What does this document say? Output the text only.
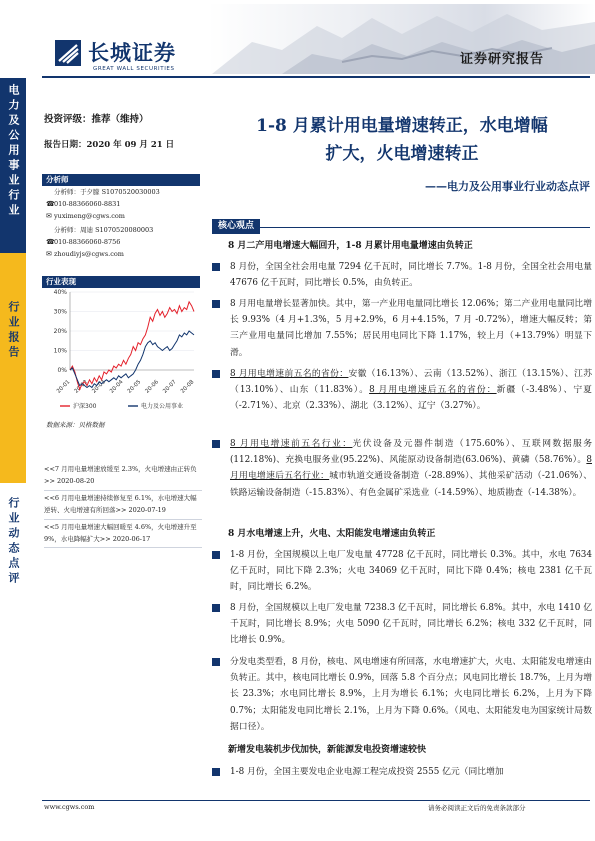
长城证券
GREAT WALL SECURITIES
证券研究报告
电力及公用事业行业
行业报告
行业动态点评
投资评级：推荐（维持）
报告日期：2020 年 09 月 21 日
分析师
分析师：于夕朦 S1070520030003
☎010-88366060-8831
✉ yuximeng@cgws.com
分析师：周迪 S1070520080003
☎010-88366060-8756
✉ zhoudiyjs@cgws.com
行业表现
0%
10%
20%
30%
40%
20-01 20-02 20-03 20-04 20-05 20-06 20-07 20-08
沪深300	电力及公用事业
数据来源：贝格数据
<<7 月用电量增速放缓至 2.3%，火电增速由正转负>> 2020-08-20
<<6 月用电量增速持续修复至 6.1%，水电增速大幅逆转、火电增速有所回落>> 2020-07-19
<<5 月用电量增速大幅回暖至 4.6%，火电增速升至 9%，水电降幅扩大>> 2020-06-17
1-8 月累计用电量增速转正，水电增幅
扩大，火电增速转正
——电力及公用事业行业动态点评
核心观点
8 月二产用电增速大幅回升，1-8 月累计用电量增速由负转正
8 月份，全国全社会用电量 7294 亿千瓦时，同比增长 7.7%。1-8 月份，全国全社会用电量 47676 亿千瓦时，同比增长 0.5%，由负转正。
8 月用电量增长显著加快。其中，第一产业用电量同比增长 12.06%；第二产业用电量同比增长 9.93%（4 月+1.3%，5 月+2.9%，6 月+4.15%，7 月 -0.72%），增速大幅反转；第三产业用电量同比增加 7.55%；居民用电同比下降 1.17%，较上月（+13.79%）明显下滑。
8 月用电增速前五名的省份：安徽（16.13%）、云南（13.52%）、浙江（13.15%）、江苏（13.10%）、山东（11.83%）。8 月用电增速后五名的省份：新疆（-3.48%）、宁夏（-2.71%）、北京（2.33%）、湖北（3.12%）、辽宁（3.27%）。
8 月用电增速前五名行业：光伏设备及元器件制造（175.60%）、互联网数据服务(112.18%)、充换电服务业(95.22%)、风能原动设备制造(63.06%)、黄磷（58.76%）。8 月用电增速后五名行业：城市轨道交通设备制造（-28.89%）、其他采矿活动（-21.06%）、铁路运输设备制造（-15.83%）、有色金属矿采选业（-14.59%）、地质勘查（-14.38%）。
8 月水电增速上升，火电、太阳能发电增速由负转正
1-8 月份，全国规模以上电厂发电量 47728 亿千瓦时，同比增长 0.3%。其中，水电 7634 亿千瓦时，同比下降 2.3%；火电 34069 亿千瓦时，同比下降 0.4%；核电 2381 亿千瓦时，同比增长 6.2%。
8 月份，全国规模以上电厂发电量 7238.3 亿千瓦时，同比增长 6.8%。其中，水电 1410 亿千瓦时，同比增长 8.9%；火电 5090 亿千瓦时，同比增长 6.2%；核电 332 亿千瓦时，同比增长 0.9%。
分发电类型看，8 月份，核电、风电增速有所回落，水电增速扩大，火电、太阳能发电增速由负转正。其中，核电同比增长 0.9%，回落 5.8 个百分点；风电同比增长 18.7%，上月为增长 23.3%；水电同比增长 8.9%，上月为增长 6.1%；火电同比增长 6.2%，上月为下降 0.7%；太阳能发电同比增长 2.1%，上月为下降 0.6%。（风电、太阳能发电为国家统计局数据口径）。
新增发电装机步伐加快，新能源发电投资增速较快
1-8 月份，全国主要发电企业电源工程完成投资 2555 亿元（同比增加
www.cgws.com	请务必阅读正文后的免责条款部分
